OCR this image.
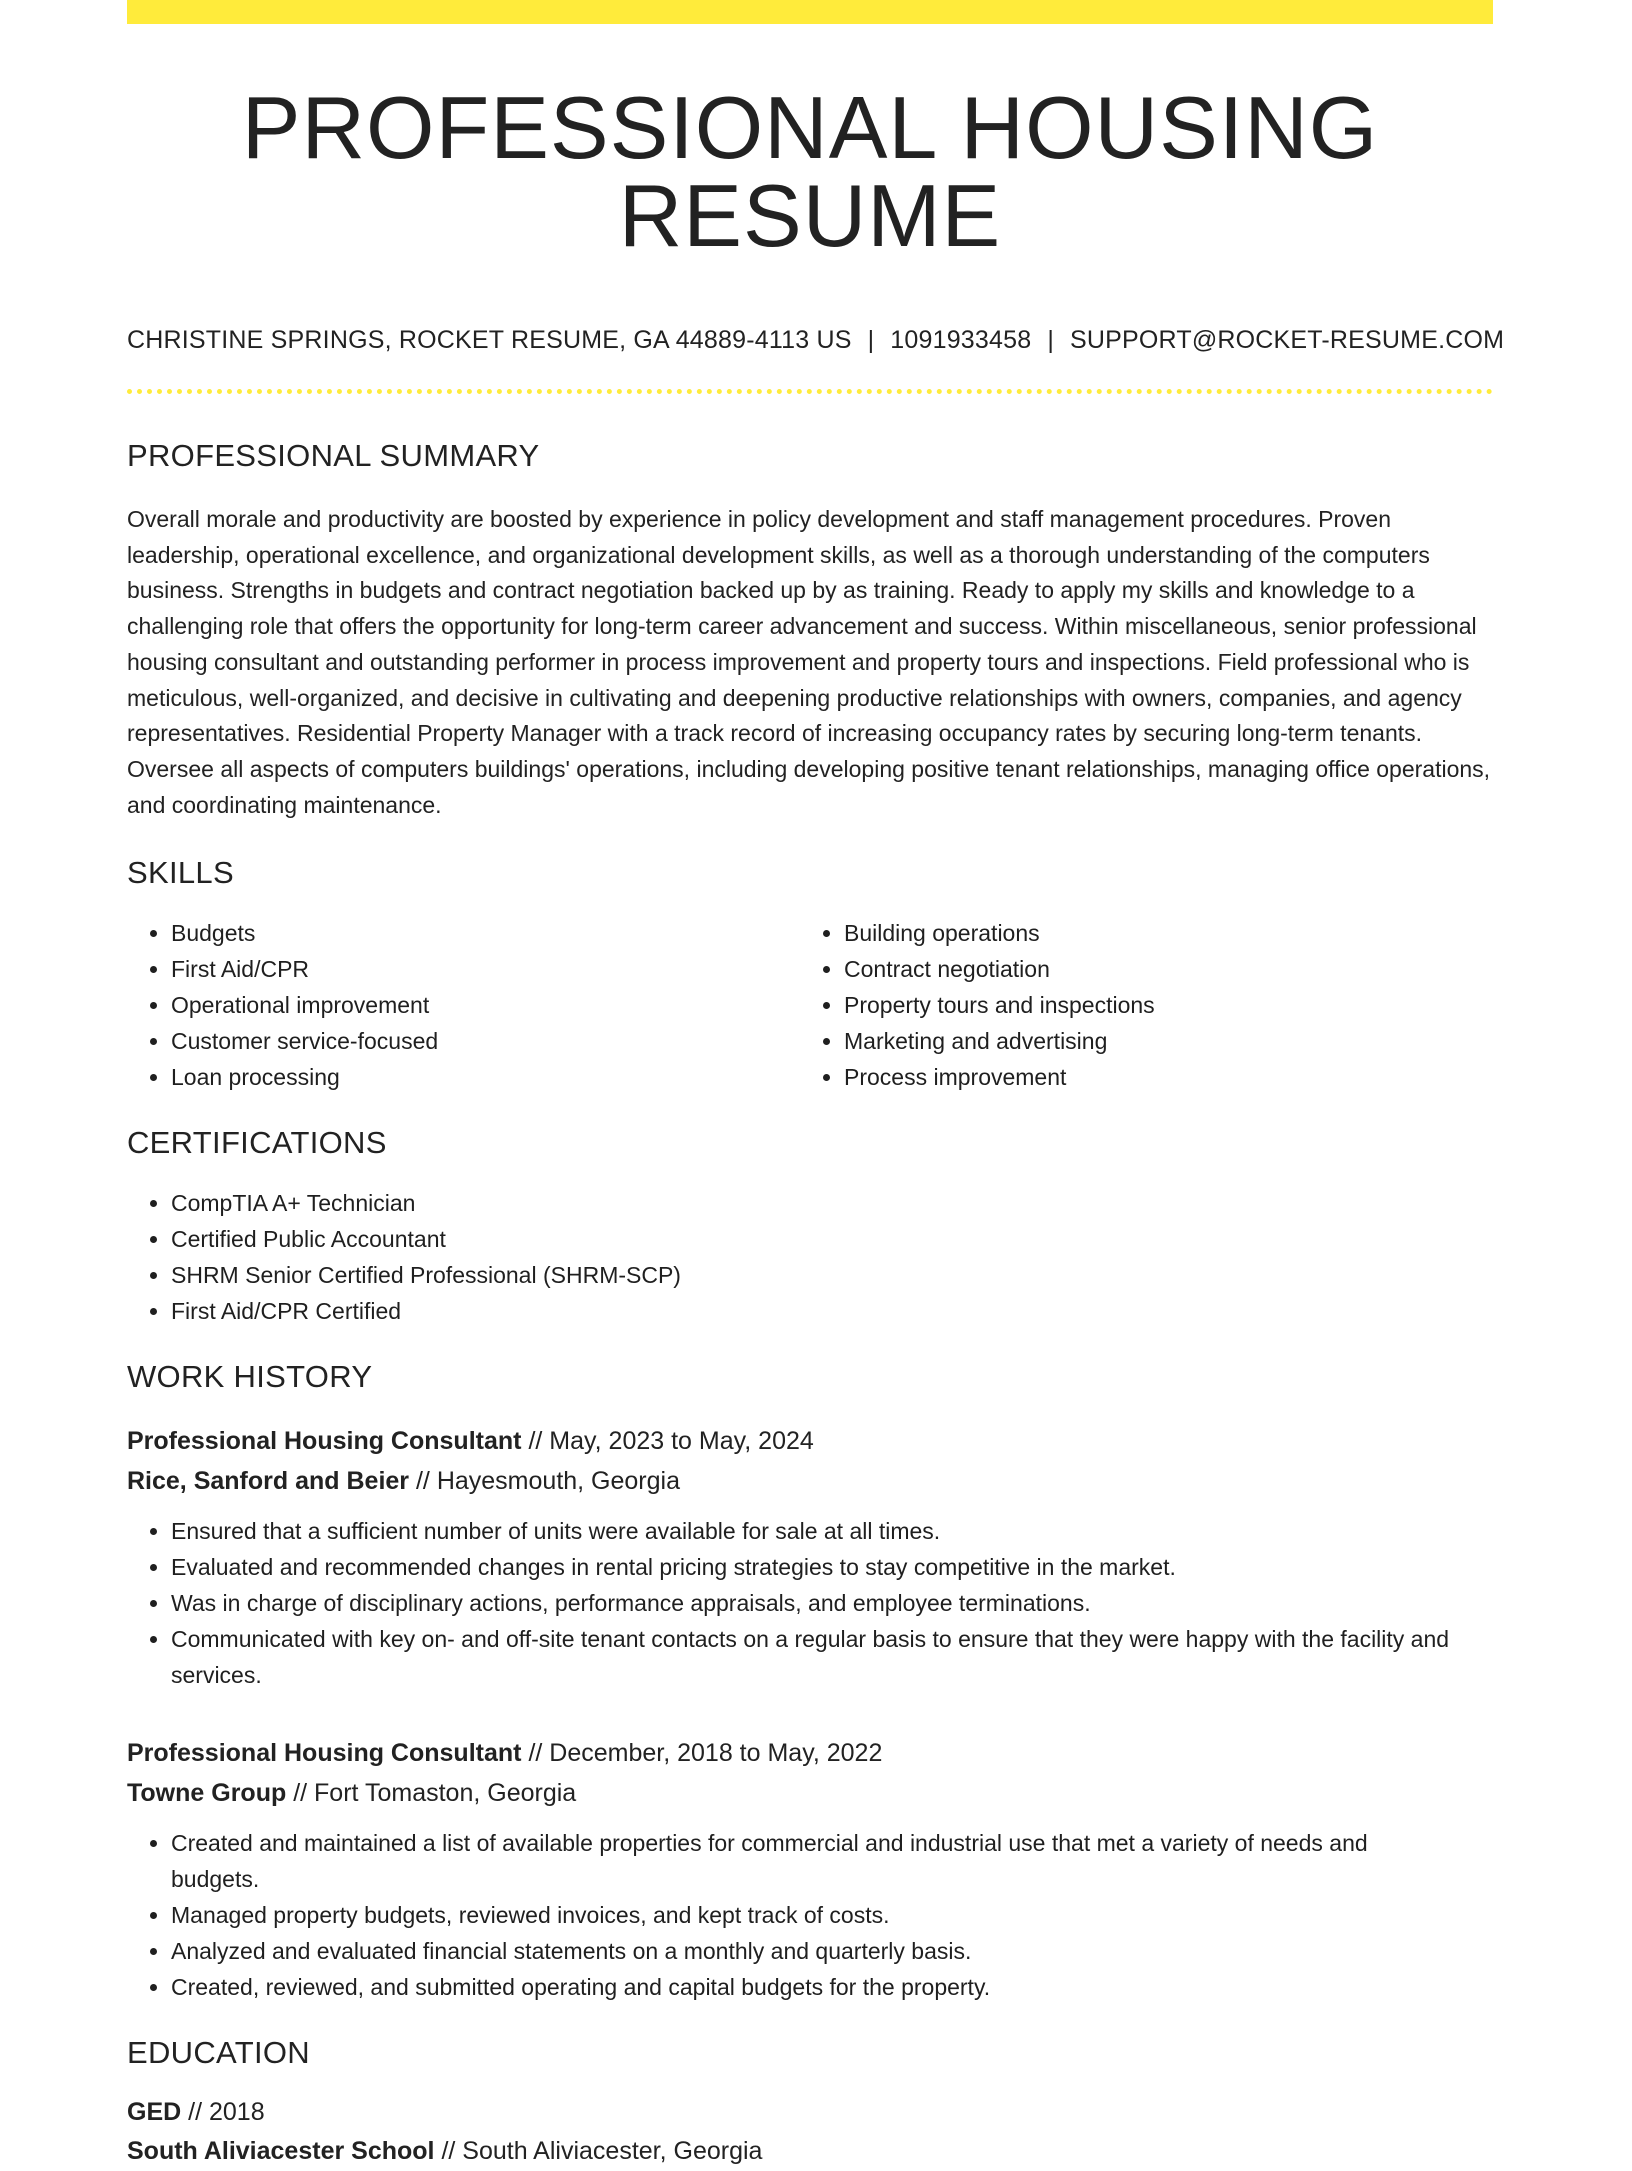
PROFESSIONAL HOUSING RESUME
CHRISTINE SPRINGS, ROCKET RESUME, GA 44889-4113 US | 1091933458 | SUPPORT@ROCKET-RESUME.COM
PROFESSIONAL SUMMARY

Overall morale and productivity are boosted by experience in policy development and staff management procedures. Proven leadership, operational excellence, and organizational development skills, as well as a thorough understanding of the computers business. Strengths in budgets and contract negotiation backed up by as training. Ready to apply my skills and knowledge to a challenging role that offers the opportunity for long-term career advancement and success. Within miscellaneous, senior professional housing consultant and outstanding performer in process improvement and property tours and inspections. Field professional who is meticulous, well-organized, and decisive in cultivating and deepening productive relationships with owners, companies, and agency representatives. Residential Property Manager with a track record of increasing occupancy rates by securing long-term tenants. Oversee all aspects of computers buildings' operations, including developing positive tenant relationships, managing office operations, and coordinating maintenance.

SKILLS
• Budgets
• First Aid/CPR
• Operational improvement
• Customer service-focused
• Loan processing
• Building operations
• Contract negotiation
• Property tours and inspections
• Marketing and advertising
• Process improvement
CERTIFICATIONS
• CompTIA A+ Technician
• Certified Public Accountant
• SHRM Senior Certified Professional (SHRM-SCP)
• First Aid/CPR Certified
WORK HISTORY
Professional Housing Consultant // May, 2023 to May, 2024
Rice, Sanford and Beier // Hayesmouth, Georgia
• Ensured that a sufficient number of units were available for sale at all times.
• Evaluated and recommended changes in rental pricing strategies to stay competitive in the market.
• Was in charge of disciplinary actions, performance appraisals, and employee terminations.
• Communicated with key on- and off-site tenant contacts on a regular basis to ensure that they were happy with the facility and services.
Professional Housing Consultant // December, 2018 to May, 2022
Towne Group // Fort Tomaston, Georgia
• Created and maintained a list of available properties for commercial and industrial use that met a variety of needs and budgets.
• Managed property budgets, reviewed invoices, and kept track of costs.
• Analyzed and evaluated financial statements on a monthly and quarterly basis.
• Created, reviewed, and submitted operating and capital budgets for the property.
EDUCATION
GED // 2018
South Aliviacester School // South Aliviacester, Georgia
